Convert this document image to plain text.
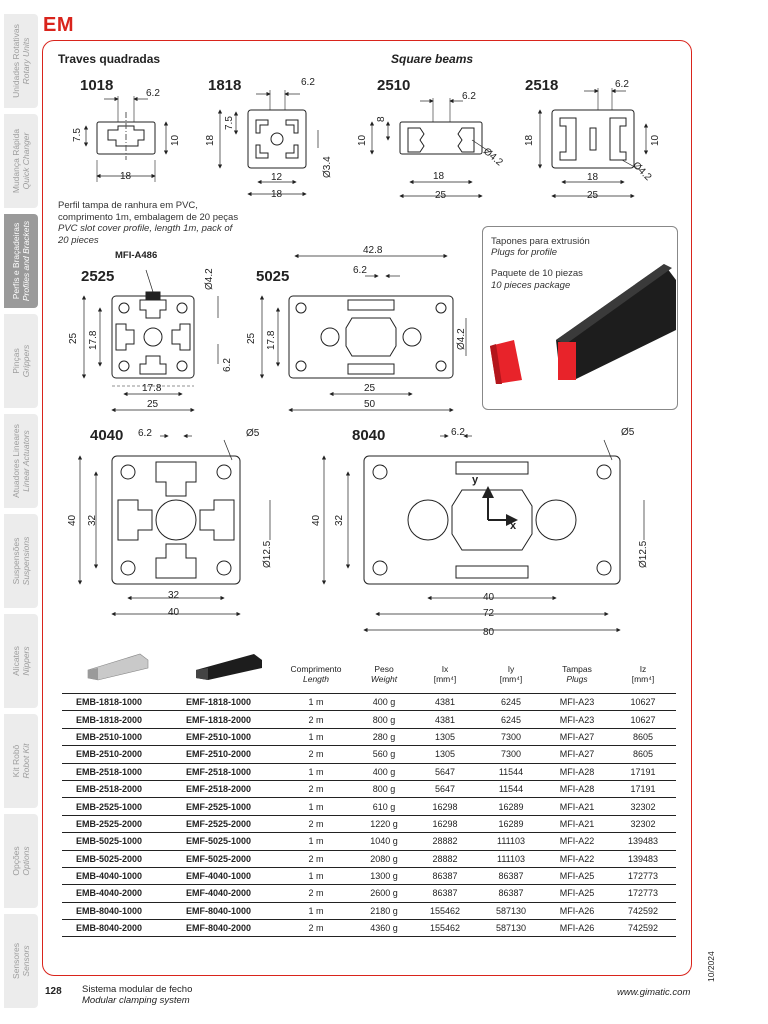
Unidades Rotativas Rotary Units
Mudança Rápida Quick Changer
Perfis e Braçadeiras Profiles and Brackets
Pinças Grippers
Atuadores Lineares Linear Actuators
Suspensões Suspensions
Alicates Nippers
Kit Robô Robot Kit
Opções Options
Sensores Sensors
EM
Traves quadradas	Square beams
1018	1818	2510	2518
2525	5025
4040	8040
6.2
7.5	10
18
6.2
7.5
18
12
18
Ø3.4
6.2
8
10
18
25
Ø4.2
6.2
18	10
18
25
Ø4.2
Perfil tampa de ranhura em PVC,
comprimento 1m, embalagem de 20 peças
PVC slot cover profile, length 1m, pack of
20 pieces
MFI-A486
Ø4.2
25 17.8
6.2
17.8
25
42.8
6.2
25 17.8	Ø4.2
25
50
Tapones para extrusión
Plugs for profile
Paquete de 10 piezas
10 pieces package
6.2	Ø5
40 32
Ø12.5
32
40
6.2	Ø5
40 32
Ø12.5
40
72
80
y
x
		Comprimento
Length	Peso
Weight	Ix
[mm⁴]	Iy
[mm⁴]	Tampas
Plugs	Iz
[mm⁴]

EMB-1818-1000	EMF-1818-1000	1 m	400 g	4381	6245	MFI-A23	10627
EMB-1818-2000	EMF-1818-2000	2 m	800 g	4381	6245	MFI-A23	10627
EMB-2510-1000	EMF-2510-1000	1 m	280 g	1305	7300	MFI-A27	8605
EMB-2510-2000	EMF-2510-2000	2 m	560 g	1305	7300	MFI-A27	8605
EMB-2518-1000	EMF-2518-1000	1 m	400 g	5647	11544	MFI-A28	17191
EMB-2518-2000	EMF-2518-2000	2 m	800 g	5647	11544	MFI-A28	17191
EMB-2525-1000	EMF-2525-1000	1 m	610 g	16298	16289	MFI-A21	32302
EMB-2525-2000	EMF-2525-2000	2 m	1220 g	16298	16289	MFI-A21	32302
EMB-5025-1000	EMF-5025-1000	1 m	1040 g	28882	111103	MFI-A22	139483
EMB-5025-2000	EMF-5025-2000	2 m	2080 g	28882	111103	MFI-A22	139483
EMB-4040-1000	EMF-4040-1000	1 m	1300 g	86387	86387	MFI-A25	172773
EMB-4040-2000	EMF-4040-2000	2 m	2600 g	86387	86387	MFI-A25	172773
EMB-8040-1000	EMF-8040-1000	1 m	2180 g	155462	587130	MFI-A26	742592
EMB-8040-2000	EMF-8040-2000	2 m	4360 g	155462	587130	MFI-A26	742592
128 Sistema modular de fecho
Modular clamping system
www.gimatic.com
10/2024
